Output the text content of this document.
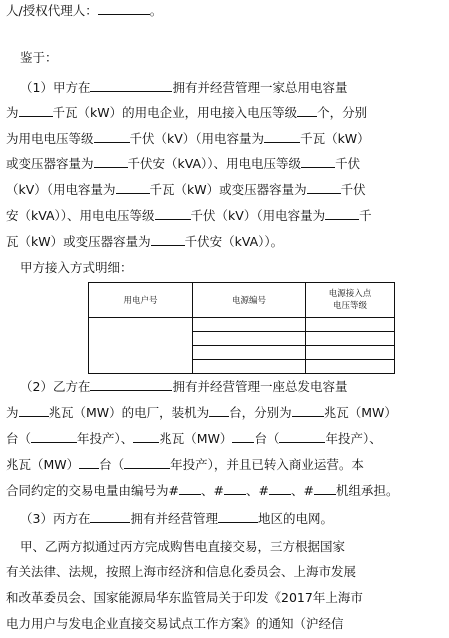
人/授权代理人：	。
鉴于：
（1）甲方在	拥有并经营管理一家总用电容量
为	千瓦（kW）的用电企业，用电接入电压等级 个，分别
为用电电压等级	千伏（kV）（用电容量为	千瓦（kW）
或变压器容量为	千伏安（kVA））、用电电压等级	千伏
（kV）（用电容量为	千瓦（kW）或变压器容量为	千伏
安（kVA））、用电电压等级	千伏（kV）（用电容量为	千
瓦（kW）或变压器容量为	千伏安（kVA））。
甲方接入方式明细：
用电户号	电源编号	电源接入点
电压等级

（2）乙方在	拥有并经营管理一座总发电容量
为 兆瓦（MW）的电厂，装机为 台，分别为	兆瓦（MW）
台（	年投产）、 兆瓦（MW） 台（	年投产）、
兆瓦（MW） 台（	年投产），并且已转入商业运营。本
合同约定的交易电量由编号为# 、# 、# 、# 机组承担。
（3）丙方在	拥有并经营管理	地区的电网。
甲、乙两方拟通过丙方完成购售电直接交易，三方根据国家
有关法律、法规，按照上海市经济和信息化委员会、上海市发展
和改革委员会、国家能源局华东监管局关于印发《2017年上海市
电力用户与发电企业直接交易试点工作方案》的通知（沪经信
